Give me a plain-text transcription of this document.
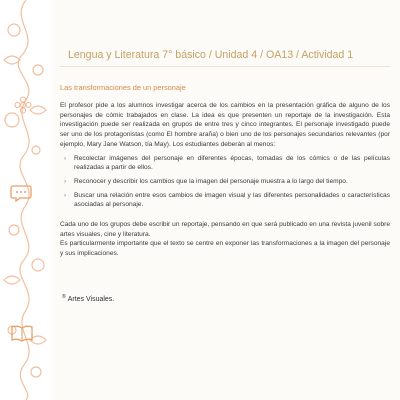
Lengua y Literatura 7° básico / Unidad 4 / OA13 / Actividad 1
Las transformaciones de un personaje

El profesor pide a los alumnos investigar acerca de los cambios en la presentación gráfica de alguno de los personajes de cómic trabajados en clase. La idea es que presenten un reportaje de la investigación. Esta investigación puede ser realizada en grupos de entre tres y cinco integrantes. El personaje investigado puede ser uno de los protagonistas (como El hombre araña) o bien uno de los personajes secundarios relevantes (por ejemplo, Mary Jane Watson, tía May). Los estudiantes deberán al menos:

› Recolectar imágenes del personaje en diferentes épocas, tomadas de los cómics o de las películas realizadas a partir de ellos.
› Reconocer y describir los cambios que la imagen del personaje muestra a lo largo del tiempo.
› Buscar una relación entre esos cambios de imagen visual y las diferentes personalidades o características asociadas al personaje.

Cada uno de los grupos debe escribir un reportaje, pensando en que será publicado en una revista juvenil sobre artes visuales, cine y literatura.

Es particularmente importante que el texto se centre en exponer las transformaciones a la imagen del personaje y sus implicaciones.

® Artes Visuales.
